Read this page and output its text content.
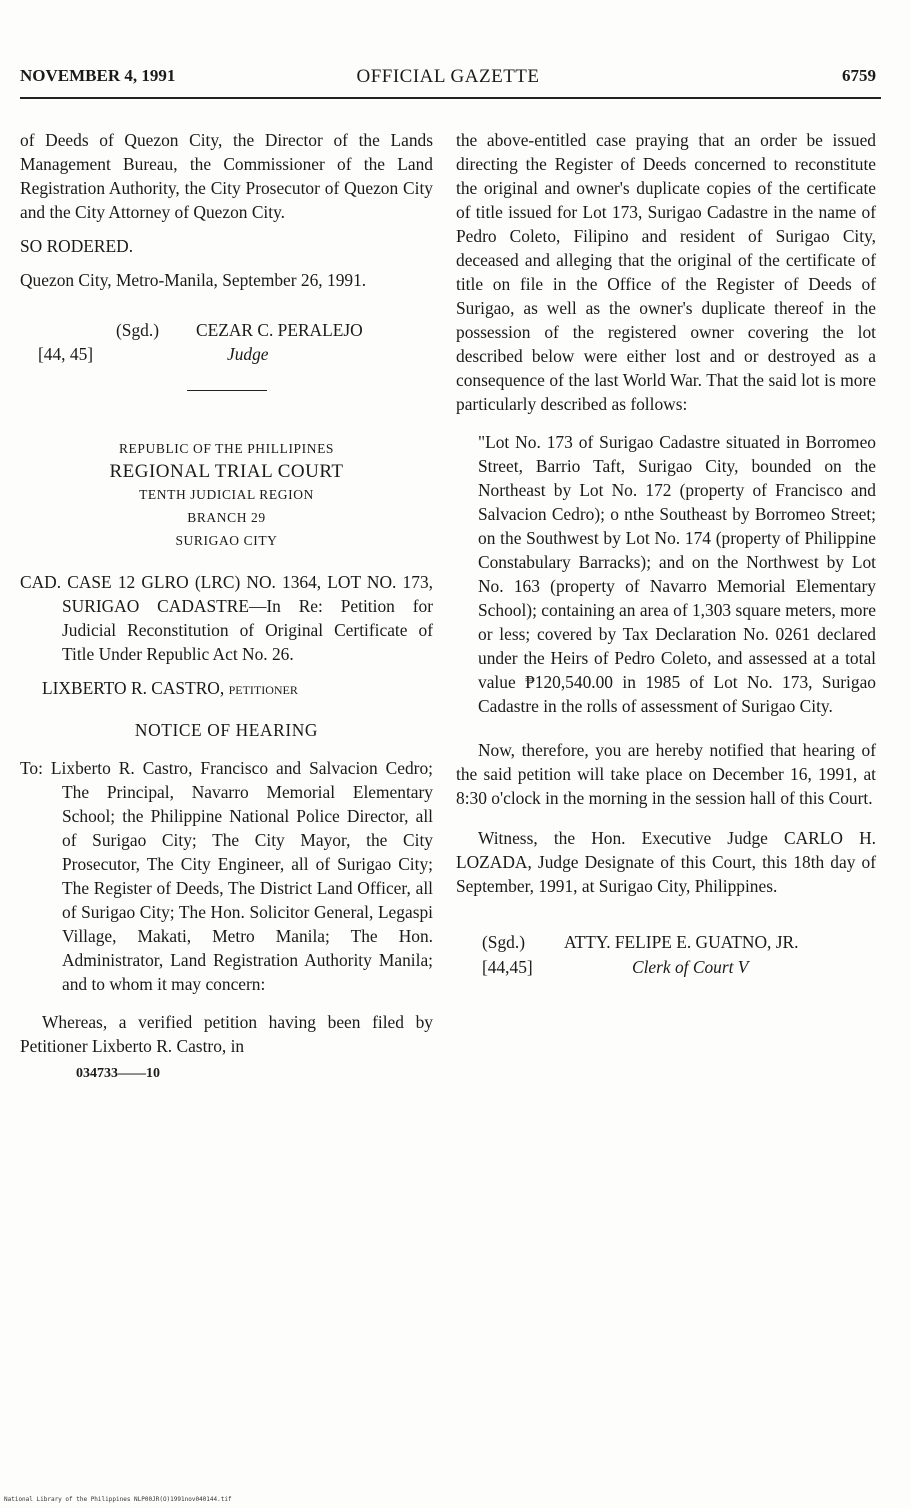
NOVEMBER 4, 1991	OFFICIAL GAZETTE	6759

of Deeds of Quezon City, the Director of the Lands Management Bureau, the Commissioner of the Land Registration Authority, the City Prosecutor of Quezon City and the City Attorney of Quezon City.

SO RODERED.

Quezon City, Metro-Manila, September 26, 1991.

(Sgd.) CEZAR C. PERALEJO
[44, 45]	Judge
REPUBLIC OF THE PHILLIPINES
REGIONAL TRIAL COURT
TENTH JUDICIAL REGION
BRANCH 29
SURIGAO CITY
CAD. CASE 12 GLRO (LRC) NO. 1364, LOT NO. 173, SURIGAO CADASTRE—In Re: Petition for Judicial Reconstitution of Original Certificate of Title Under Republic Act No. 26.

LIXBERTO R. CASTRO, petitioner

NOTICE OF HEARING
To: Lixberto R. Castro, Francisco and Salvacion Cedro; The Principal, Navarro Memorial Elementary School; the Philippine National Police Director, all of Surigao City; The City Mayor, the City Prosecutor, The City Engineer, all of Surigao City; The Register of Deeds, The District Land Officer, all of Surigao City; The Hon. Solicitor General, Legaspi Village, Makati, Metro Manila; The Hon. Administrator, Land Registration Authority Manila; and to whom it may concern:

Whereas, a verified petition having been filed by Petitioner Lixberto R. Castro, in

034733——10

the above-entitled case praying that an order be issued directing the Register of Deeds concerned to reconstitute the original and owner's duplicate copies of the certificate of title issued for Lot 173, Surigao Cadastre in the name of Pedro Coleto, Filipino and resident of Surigao City, deceased and alleging that the original of the certificate of title on file in the Office of the Register of Deeds of Surigao, as well as the owner's duplicate thereof in the possession of the registered owner covering the lot described below were either lost and or destroyed as a consequence of the last World War. That the said lot is more particularly described as follows:

"Lot No. 173 of Surigao Cadastre situated in Borromeo Street, Barrio Taft, Surigao City, bounded on the Northeast by Lot No. 172 (property of Francisco and Salvacion Cedro); o nthe Southeast by Borromeo Street; on the Southwest by Lot No. 174 (property of Philippine Constabulary Barracks); and on the Northwest by Lot No. 163 (property of Navarro Memorial Elementary School); containing an area of 1,303 square meters, more or less; covered by Tax Declaration No. 0261 declared under the Heirs of Pedro Coleto, and assessed at a total value ₱120,540.00 in 1985 of Lot No. 173, Surigao Cadastre in the rolls of assessment of Surigao City.

Now, therefore, you are hereby notified that hearing of the said petition will take place on December 16, 1991, at 8:30 o'clock in the morning in the session hall of this Court.

Witness, the Hon. Executive Judge CARLO H. LOZADA, Judge Designate of this Court, this 18th day of September, 1991, at Surigao City, Philippines.

(Sgd.) ATTY. FELIPE E. GUATNO, JR.
[44,45]	Clerk of Court V
National Library of the Philippines NLP00JR(O)1991nov040144.tif
